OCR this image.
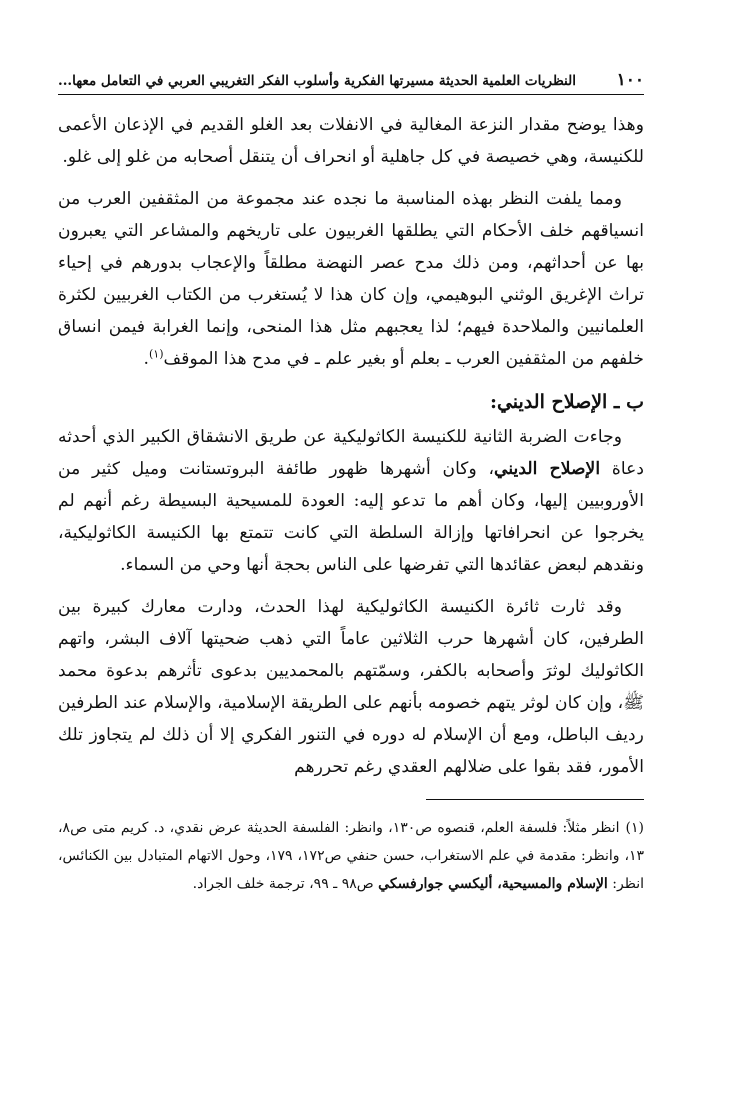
١٠٠
النظريات العلمية الحديثة مسيرتها الفكرية وأسلوب الفكر التغريبي العربي في التعامل معها...

وهذا يوضح مقدار النزعة المغالية في الانفلات بعد الغلو القديم في الإذعان الأعمى للكنيسة، وهي خصيصة في كل جاهلية أو انحراف أن يتنقل أصحابه من غلو إلى غلو.

ومما يلفت النظر بهذه المناسبة ما نجده عند مجموعة من المثقفين العرب من انسياقهم خلف الأحكام التي يطلقها الغربيون على تاريخهم والمشاعر التي يعبرون بها عن أحداثهم، ومن ذلك مدح عصر النهضة مطلقاً والإعجاب بدورهم في إحياء تراث الإغريق الوثني البوهيمي، وإن كان هذا لا يُستغرب من الكتاب الغربيين لكثرة العلمانيين والملاحدة فيهم؛ لذا يعجبهم مثل هذا المنحى، وإنما الغرابة فيمن انساق خلفهم من المثقفين العرب ـ بعلم أو بغير علم ـ في مدح هذا الموقف$^{(١)}$.

ب ـ الإصلاح الديني:

وجاءت الضربة الثانية للكنيسة الكاثوليكية عن طريق الانشقاق الكبير الذي أحدثه دعاة الإصلاح الديني، وكان أشهرها ظهور طائفة البروتستانت وميل كثير من الأوروبيين إليها، وكان أهم ما تدعو إليه: العودة للمسيحية البسيطة رغم أنهم لم يخرجوا عن انحرافاتها وإزالة السلطة التي كانت تتمتع بها الكنيسة الكاثوليكية، ونقدهم لبعض عقائدها التي تفرضها على الناس بحجة أنها وحي من السماء.

وقد ثارت ثائرة الكنيسة الكاثوليكية لهذا الحدث، ودارت معارك كبيرة بين الطرفين، كان أشهرها حرب الثلاثين عاماً التي ذهب ضحيتها آلاف البشر، واتهم الكاثوليك لوثرَ وأصحابه بالكفر، وسمّتهم بالمحمديين بدعوى تأثرهم بدعوة محمد ﷺ، وإن كان لوثر يتهم خصومه بأنهم على الطريقة الإسلامية، والإسلام عند الطرفين رديف الباطل، ومع أن الإسلام له دوره في التنور الفكري إلا أن ذلك لم يتجاوز تلك الأمور، فقد بقوا على ضلالهم العقدي رغم تحررهم

(١)انظر مثلاً: فلسفة العلم، قنصوه ص١٣٠، وانظر: الفلسفة الحديثة عرض نقدي، د. كريم متى ص٨، ١٣، وانظر: مقدمة في علم الاستغراب، حسن حنفي ص١٧٢، ١٧٩، وحول الاتهام المتبادل بين الكنائس، انظر: الإسلام والمسيحية، أليكسي جوارفسكي ص٩٨ ـ ٩٩، ترجمة خلف الجراد.
